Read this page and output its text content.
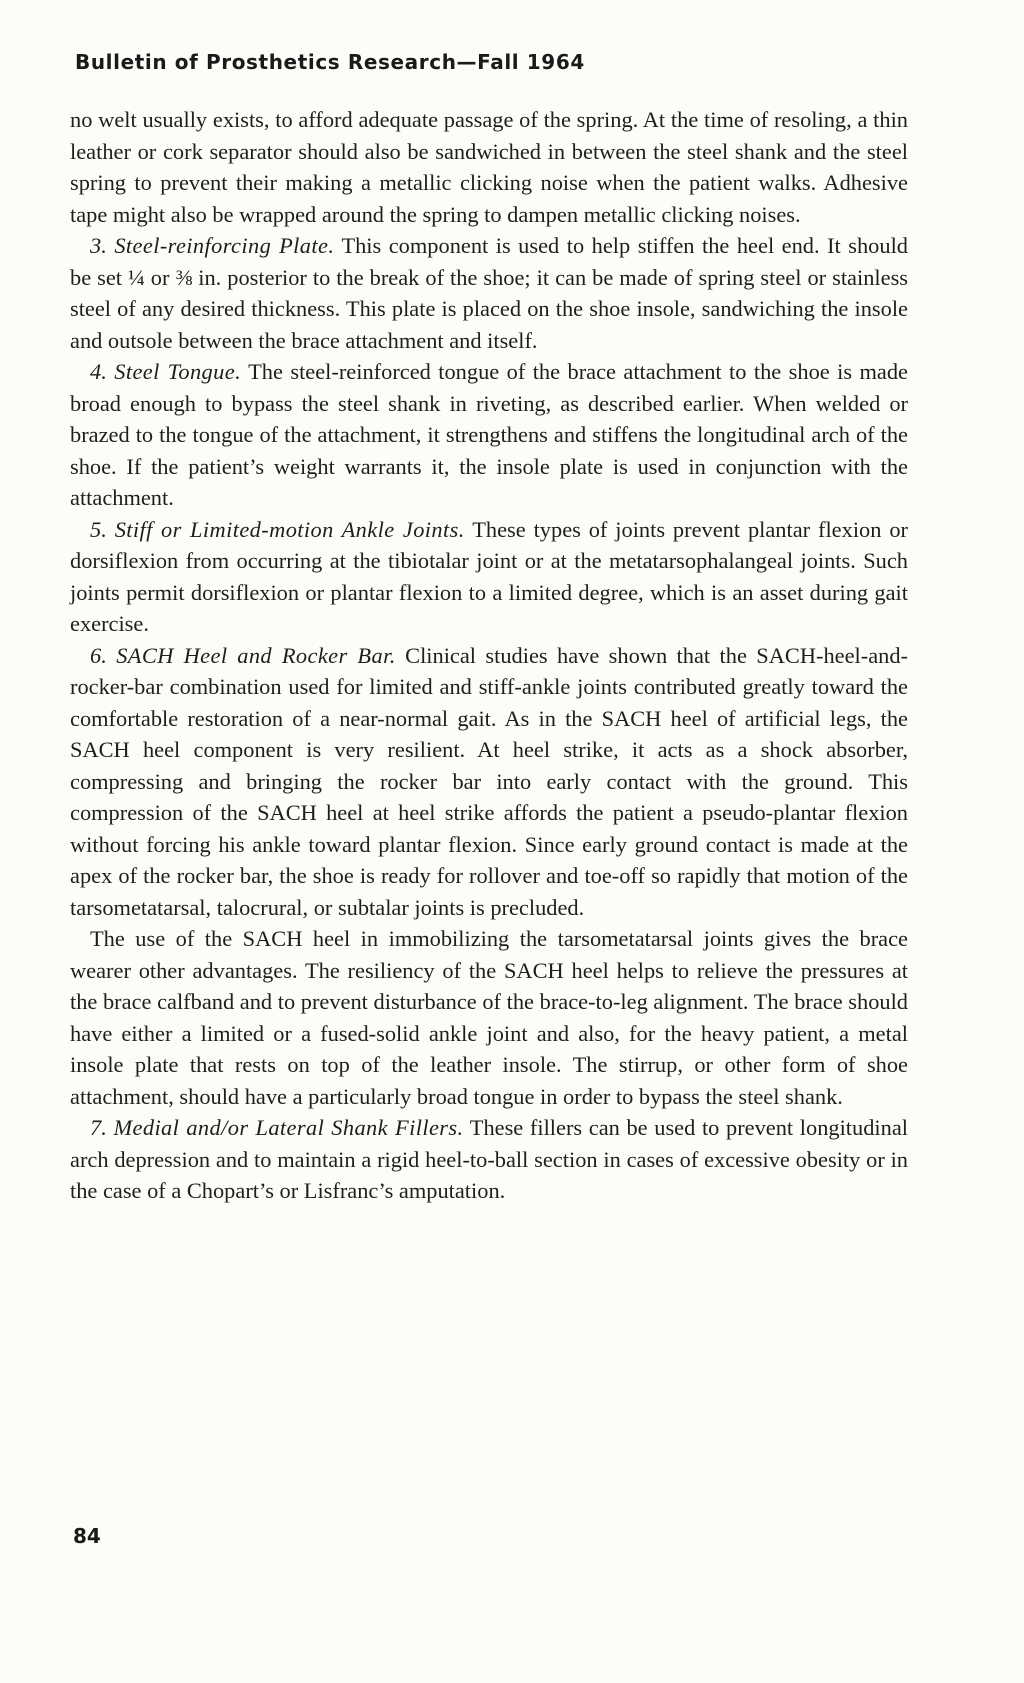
Bulletin of Prosthetics Research—Fall 1964

no welt usually exists, to afford adequate passage of the spring. At the time of resoling, a thin leather or cork separator should also be sandwiched in between the steel shank and the steel spring to prevent their making a metallic clicking noise when the patient walks. Adhesive tape might also be wrapped around the spring to dampen metallic clicking noises.

3. Steel-reinforcing Plate. This component is used to help stiffen the heel end. It should be set ¼ or ⅜ in. posterior to the break of the shoe; it can be made of spring steel or stainless steel of any desired thickness. This plate is placed on the shoe insole, sandwiching the insole and outsole between the brace attachment and itself.

4. Steel Tongue. The steel-reinforced tongue of the brace attachment to the shoe is made broad enough to bypass the steel shank in riveting, as described earlier. When welded or brazed to the tongue of the attachment, it strengthens and stiffens the longitudinal arch of the shoe. If the patient’s weight warrants it, the insole plate is used in conjunction with the attachment.

5. Stiff or Limited-motion Ankle Joints. These types of joints prevent plantar flexion or dorsiflexion from occurring at the tibiotalar joint or at the metatarsophalangeal joints. Such joints permit dorsiflexion or plantar flexion to a limited degree, which is an asset during gait exercise.

6. SACH Heel and Rocker Bar. Clinical studies have shown that the SACH-heel-and-rocker-bar combination used for limited and stiff-ankle joints contributed greatly toward the comfortable restoration of a near-normal gait. As in the SACH heel of artificial legs, the SACH heel component is very resilient. At heel strike, it acts as a shock absorber, compressing and bringing the rocker bar into early contact with the ground. This compression of the SACH heel at heel strike affords the patient a pseudo-plantar flexion without forcing his ankle toward plantar flexion. Since early ground contact is made at the apex of the rocker bar, the shoe is ready for rollover and toe-off so rapidly that motion of the tarsometatarsal, talocrural, or subtalar joints is precluded.

The use of the SACH heel in immobilizing the tarsometatarsal joints gives the brace wearer other advantages. The resiliency of the SACH heel helps to relieve the pressures at the brace calfband and to prevent disturbance of the brace-to-leg alignment. The brace should have either a limited or a fused-solid ankle joint and also, for the heavy patient, a metal insole plate that rests on top of the leather insole. The stirrup, or other form of shoe attachment, should have a particularly broad tongue in order to bypass the steel shank.

7. Medial and/or Lateral Shank Fillers. These fillers can be used to prevent longitudinal arch depression and to maintain a rigid heel-to-ball section in cases of excessive obesity or in the case of a Chopart’s or Lisfranc’s amputation.

84
